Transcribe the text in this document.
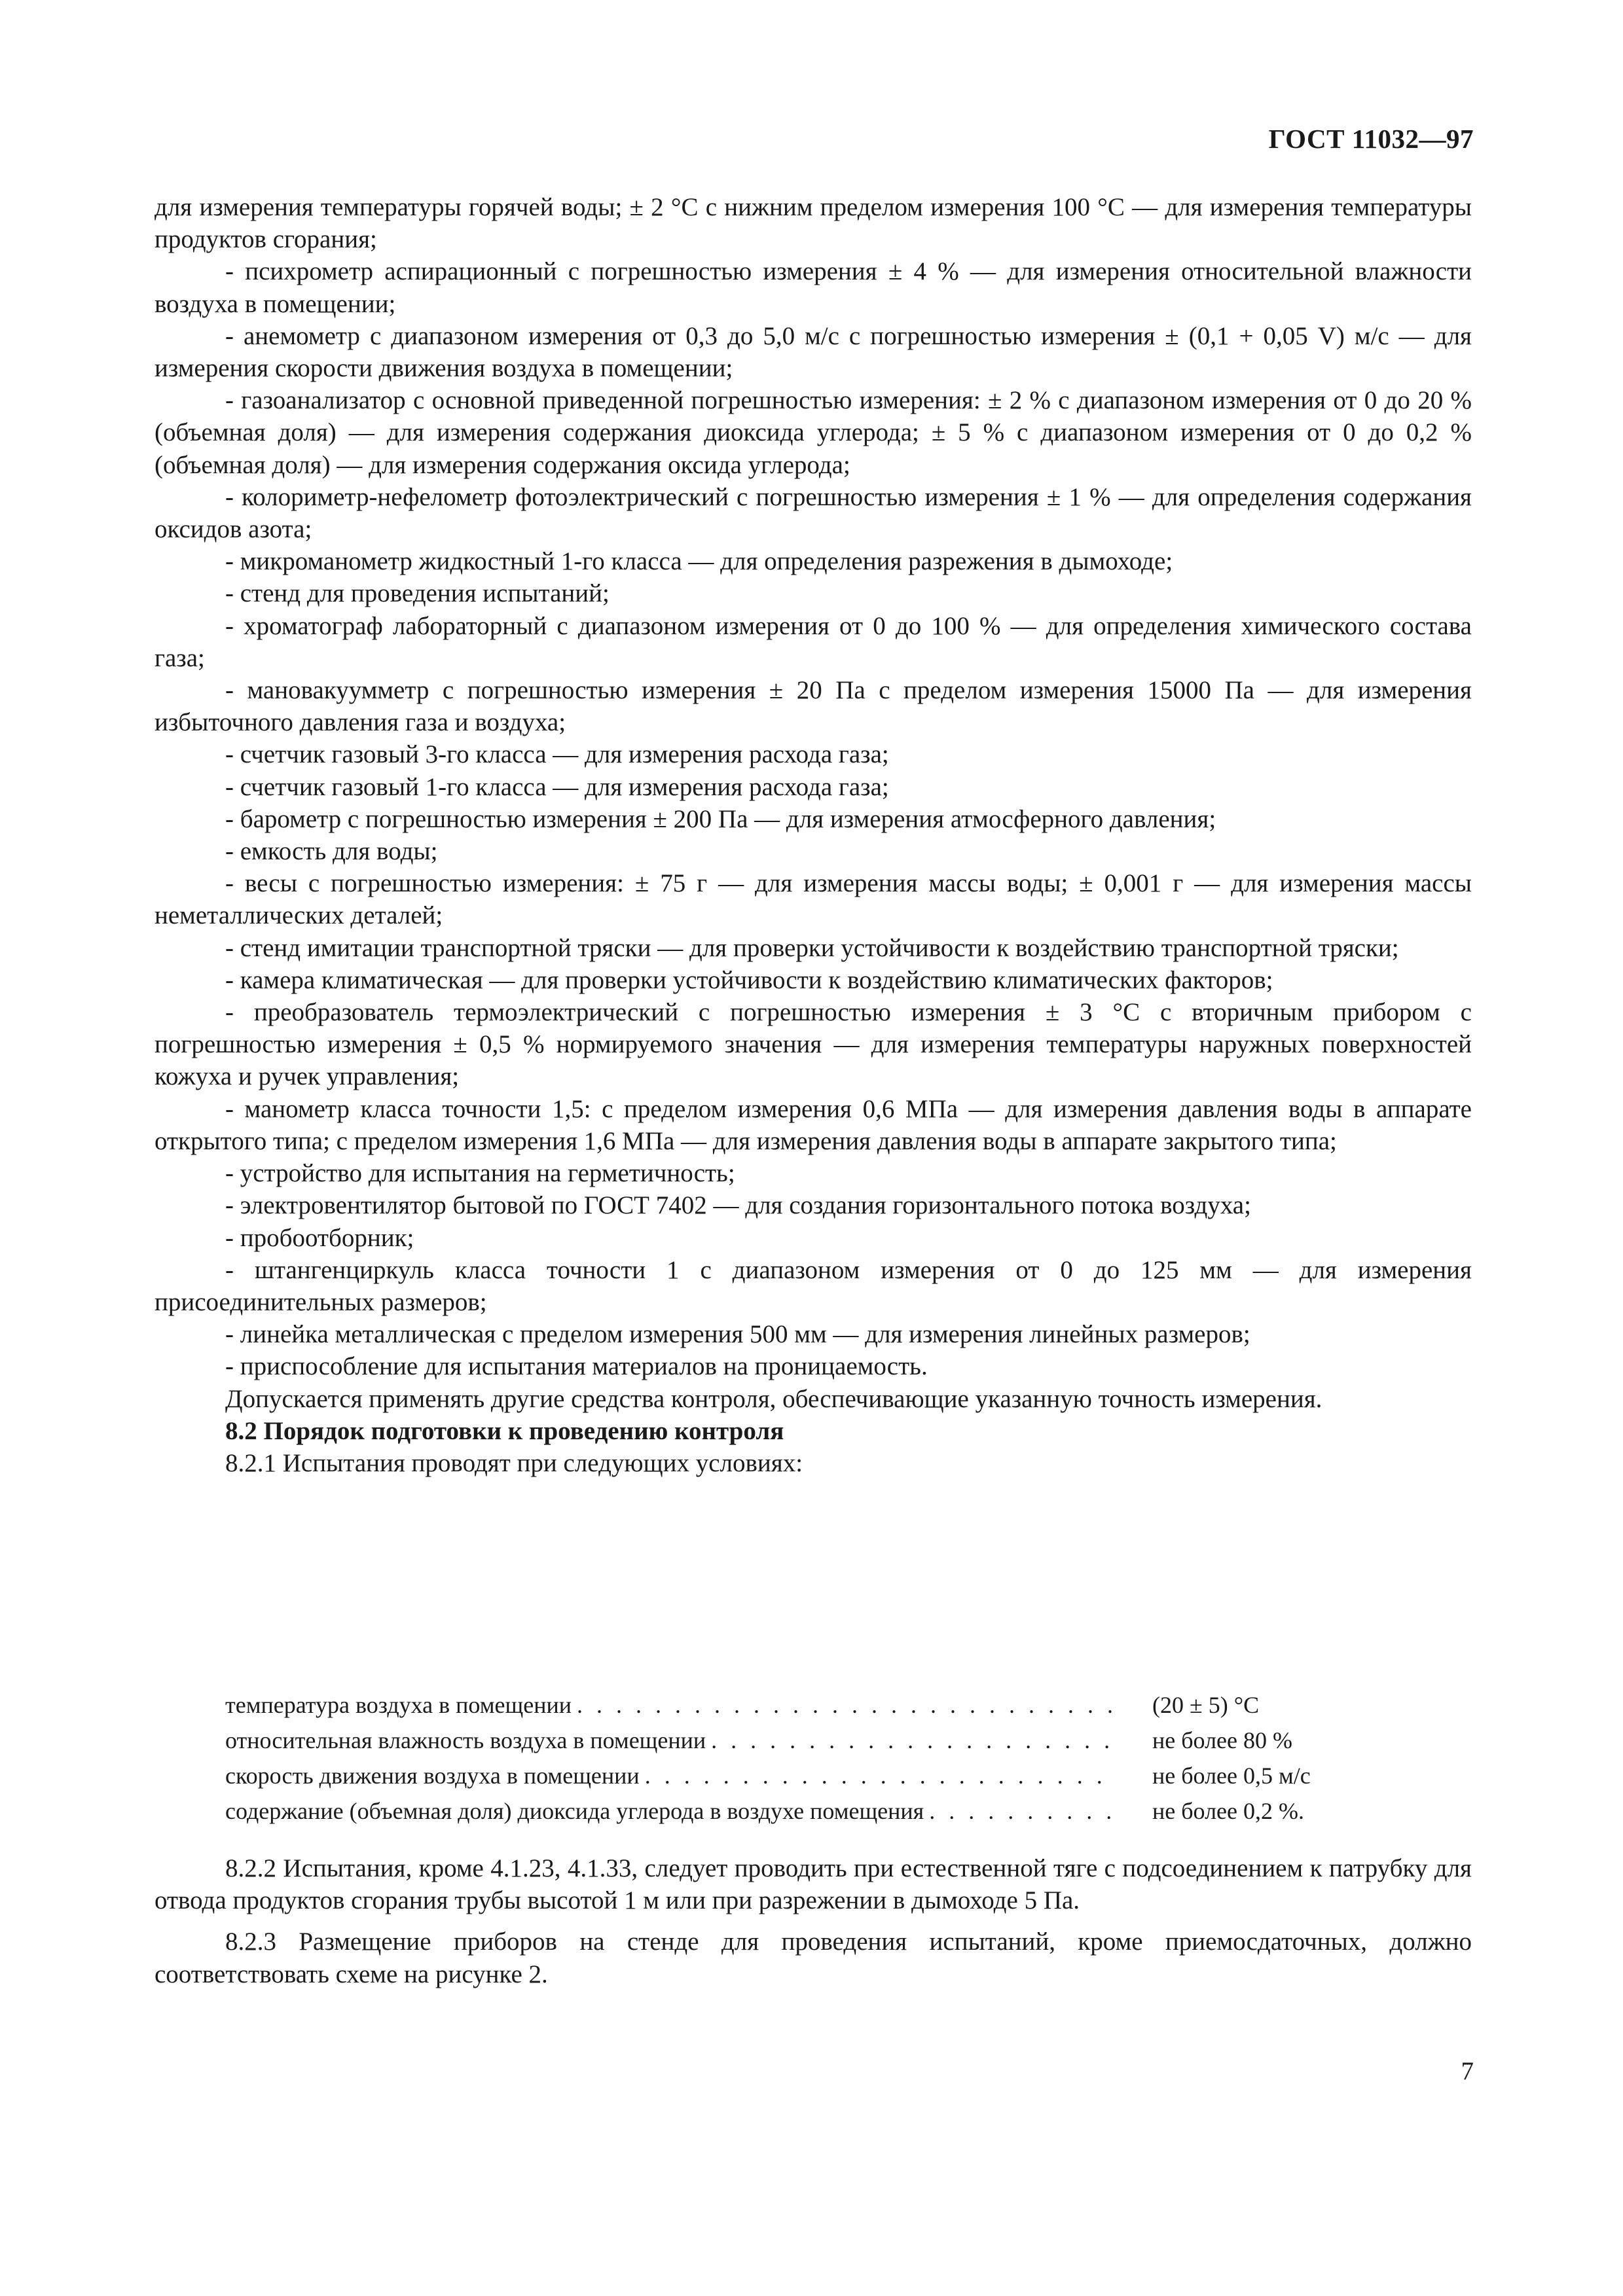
ГОСТ 11032—97

для измерения температуры горячей воды; ± 2 °С с нижним пределом измерения 100 °С — для измерения температуры продуктов сгорания;

- психрометр аспирационный с погрешностью измерения ± 4 % — для измерения относительной влажности воздуха в помещении;

- анемометр с диапазоном измерения от 0,3 до 5,0 м/с с погрешностью измерения ± (0,1 + 0,05 V) м/с — для измерения скорости движения воздуха в помещении;

- газоанализатор с основной приведенной погрешностью измерения: ± 2 % с диапазоном измерения от 0 до 20 % (объемная доля) — для измерения содержания диоксида углерода; ± 5 % с диапазоном измерения от 0 до 0,2 % (объемная доля) — для измерения содержания оксида углерода;

- колориметр-нефелометр фотоэлектрический с погрешностью измерения ± 1 % — для определения содержания оксидов азота;

- микроманометр жидкостный 1-го класса — для определения разрежения в дымоходе;

- стенд для проведения испытаний;

- хроматограф лабораторный с диапазоном измерения от 0 до 100 % — для определения химического состава газа;

- мановакуумметр с погрешностью измерения ± 20 Па с пределом измерения 15000 Па — для измерения избыточного давления газа и воздуха;

- счетчик газовый 3-го класса — для измерения расхода газа;

- счетчик газовый 1-го класса — для измерения расхода газа;

- барометр с погрешностью измерения ± 200 Па — для измерения атмосферного давления;

- емкость для воды;

- весы с погрешностью измерения: ± 75 г — для измерения массы воды; ± 0,001 г — для измерения массы неметаллических деталей;

- стенд имитации транспортной тряски — для проверки устойчивости к воздействию транспортной тряски;

- камера климатическая — для проверки устойчивости к воздействию климатических факторов;

- преобразователь термоэлектрический с погрешностью измерения ± 3 °С с вторичным прибором с погрешностью измерения ± 0,5 % нормируемого значения — для измерения температуры наружных поверхностей кожуха и ручек управления;

- манометр класса точности 1,5: с пределом измерения 0,6 МПа — для измерения давления воды в аппарате открытого типа; с пределом измерения 1,6 МПа — для измерения давления воды в аппарате закрытого типа;

- устройство для испытания на герметичность;

- электровентилятор бытовой по ГОСТ 7402 — для создания горизонтального потока воздуха;

- пробоотборник;

- штангенциркуль класса точности 1 с диапазоном измерения от 0 до 125 мм — для измерения присоединительных размеров;

- линейка металлическая с пределом измерения 500 мм — для измерения линейных размеров;

- приспособление для испытания материалов на проницаемость.

Допускается применять другие средства контроля, обеспечивающие указанную точность измерения.

8.2 Порядок подготовки к проведению контроля

8.2.1 Испытания проводят при следующих условиях:

температура воздуха в помещении . . .	(20 ± 5) °С
относительная влажность воздуха в помещении . . .	не более 80 %
скорость движения воздуха в помещении . . .	не более 0,5 м/с
содержание (объемная доля) диоксида углерода в воздухе помещения . . .	не более 0,2 %.

8.2.2 Испытания, кроме 4.1.23, 4.1.33, следует проводить при естественной тяге с подсоединением к патрубку для отвода продуктов сгорания трубы высотой 1 м или при разрежении в дымоходе 5 Па.

8.2.3 Размещение приборов на стенде для проведения испытаний, кроме приемосдаточных, должно соответствовать схеме на рисунке 2.

7
